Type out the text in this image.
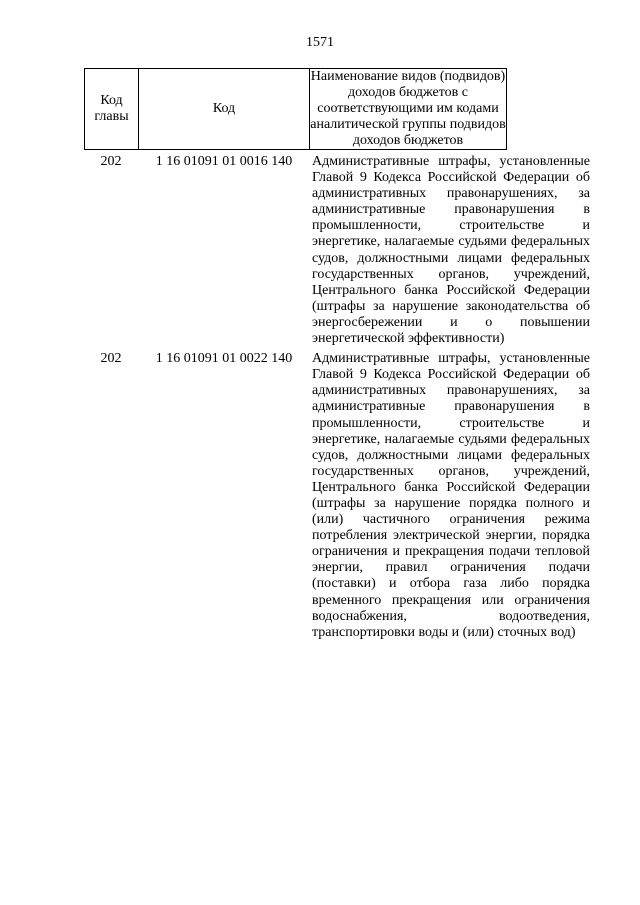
1571
Код главы	Код	Наименование видов (подвидов) доходов бюджетов с соответствующими им кодами аналитической группы подвидов доходов бюджетов
202	1 16 01091 01 0016 140	Административные штрафы, установленные Главой 9 Кодекса Российской Федерации об административных правонарушениях, за административные правонарушения в промышленности, строительстве и энергетике, налагаемые судьями федеральных судов, должностными лицами федеральных государственных органов, учреждений, Центрального банка Российской Федерации (штрафы за нарушение законодательства об энергосбережении и о повышении энергетической эффективности)
202	1 16 01091 01 0022 140	Административные штрафы, установленные Главой 9 Кодекса Российской Федерации об административных правонарушениях, за административные правонарушения в промышленности, строительстве и энергетике, налагаемые судьями федеральных судов, должностными лицами федеральных государственных органов, учреждений, Центрального банка Российской Федерации (штрафы за нарушение порядка полного и (или) частичного ограничения режима потребления электрической энергии, порядка ограничения и прекращения подачи тепловой энергии, правил ограничения подачи (поставки) и отбора газа либо порядка временного прекращения или ограничения водоснабжения, водоотведения, транспортировки воды и (или) сточных вод)
